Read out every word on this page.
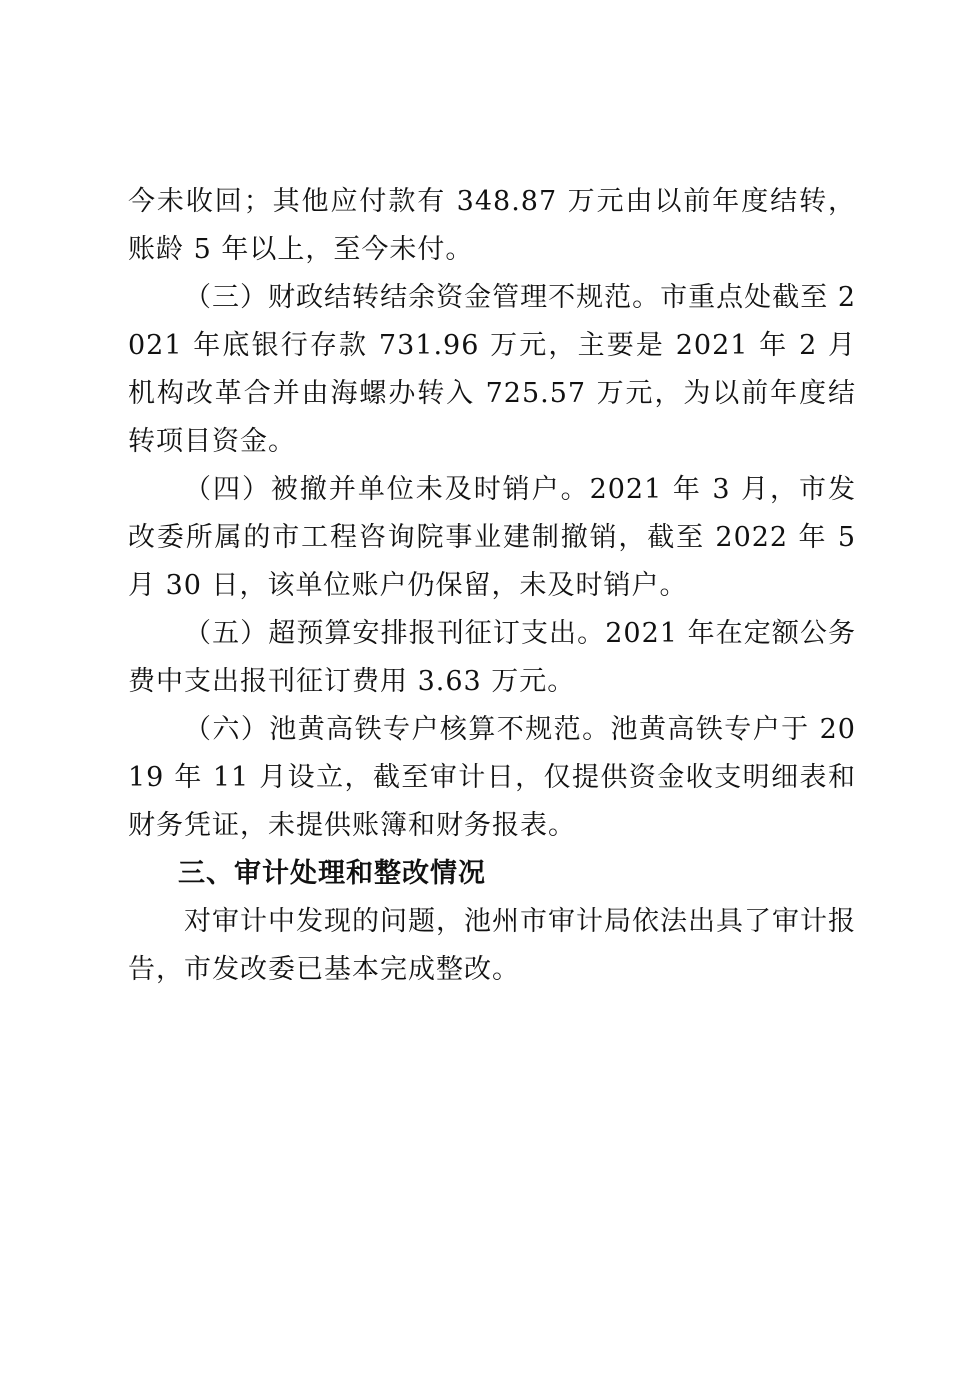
今未收回；其他应付款有 348.87 万元由以前年度结转，账龄 5 年以上，至今未付。

（三）财政结转结余资金管理不规范。市重点处截至 2021 年底银行存款 731.96 万元，主要是 2021 年 2 月机构改革合并由海螺办转入 725.57 万元，为以前年度结转项目资金。

（四）被撤并单位未及时销户。2021 年 3 月，市发改委所属的市工程咨询院事业建制撤销，截至 2022 年 5 月 30 日，该单位账户仍保留，未及时销户。

（五）超预算安排报刊征订支出。2021 年在定额公务费中支出报刊征订费用 3.63 万元。

（六）池黄高铁专户核算不规范。池黄高铁专户于 2019 年 11 月设立，截至审计日，仅提供资金收支明细表和财务凭证，未提供账簿和财务报表。

三、审计处理和整改情况

对审计中发现的问题，池州市审计局依法出具了审计报告，市发改委已基本完成整改。
